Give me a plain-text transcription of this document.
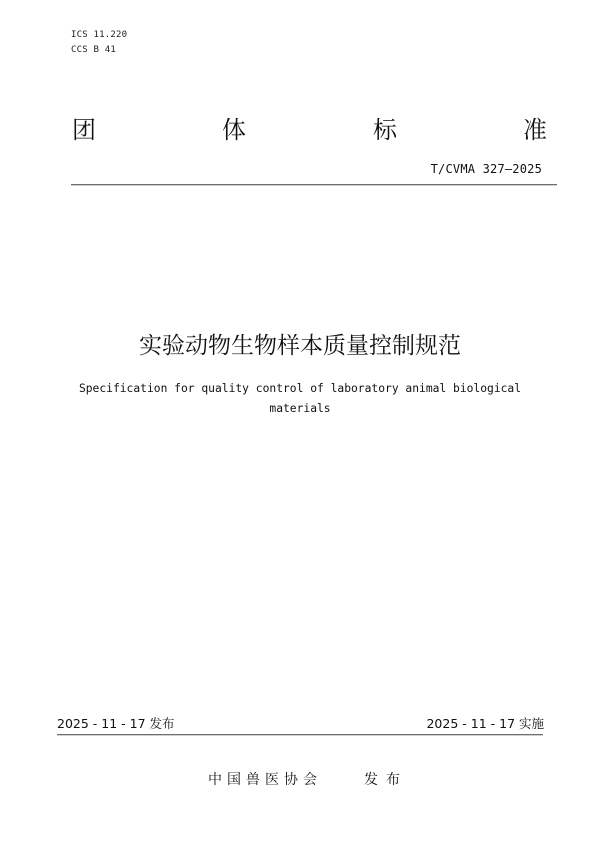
ICS 11.220
CCS B 41
团	体	标	准
T/CVMA 327—2025
实验动物生物样本质量控制规范
Specification for quality control of laboratory animal biological
materials
2025 - 11 - 17 发布	2025 - 11 - 17 实施
中国兽医协会	发布
